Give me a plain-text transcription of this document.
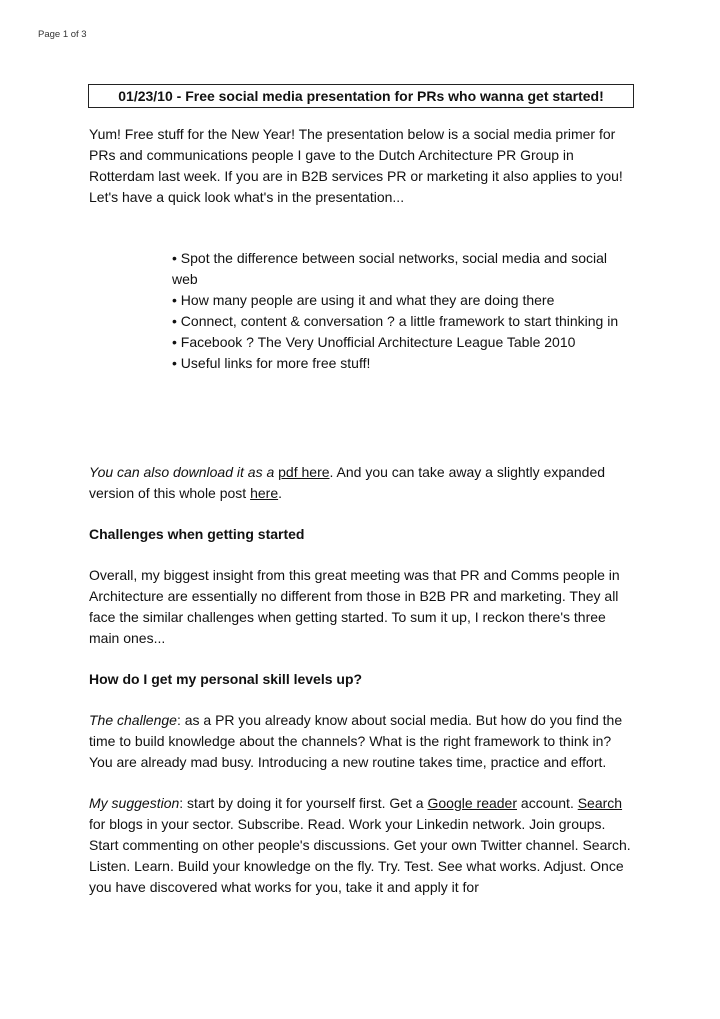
Page 1 of 3
01/23/10 - Free social media presentation for PRs who wanna get started!

Yum! Free stuff for the New Year! The presentation below is a social media primer for PRs and communications people I gave to the Dutch Architecture PR Group in Rotterdam last week. If you are in B2B services PR or marketing it also applies to you! Let's have a quick look what's in the presentation...

• Spot the difference between social networks, social media and social web
• How many people are using it and what they are doing there
• Connect, content & conversation ? a little framework to start thinking in
• Facebook ? The Very Unofficial Architecture League Table 2010
• Useful links for more free stuff!

You can also download it as a pdf here. And you can take away a slightly expanded version of this whole post here.

Challenges when getting started

Overall, my biggest insight from this great meeting was that PR and Comms people in Architecture are essentially no different from those in B2B PR and marketing. They all face the similar challenges when getting started. To sum it up, I reckon there's three main ones...

How do I get my personal skill levels up?

The challenge: as a PR you already know about social media. But how do you find the time to build knowledge about the channels? What is the right framework to think in? You are already mad busy. Introducing a new routine takes time, practice and effort.

My suggestion: start by doing it for yourself first. Get a Google reader account. Search for blogs in your sector. Subscribe. Read. Work your Linkedin network. Join groups. Start commenting on other people's discussions. Get your own Twitter channel. Search. Listen. Learn. Build your knowledge on the fly. Try. Test. See what works. Adjust. Once you have discovered what works for you, take it and apply it for
